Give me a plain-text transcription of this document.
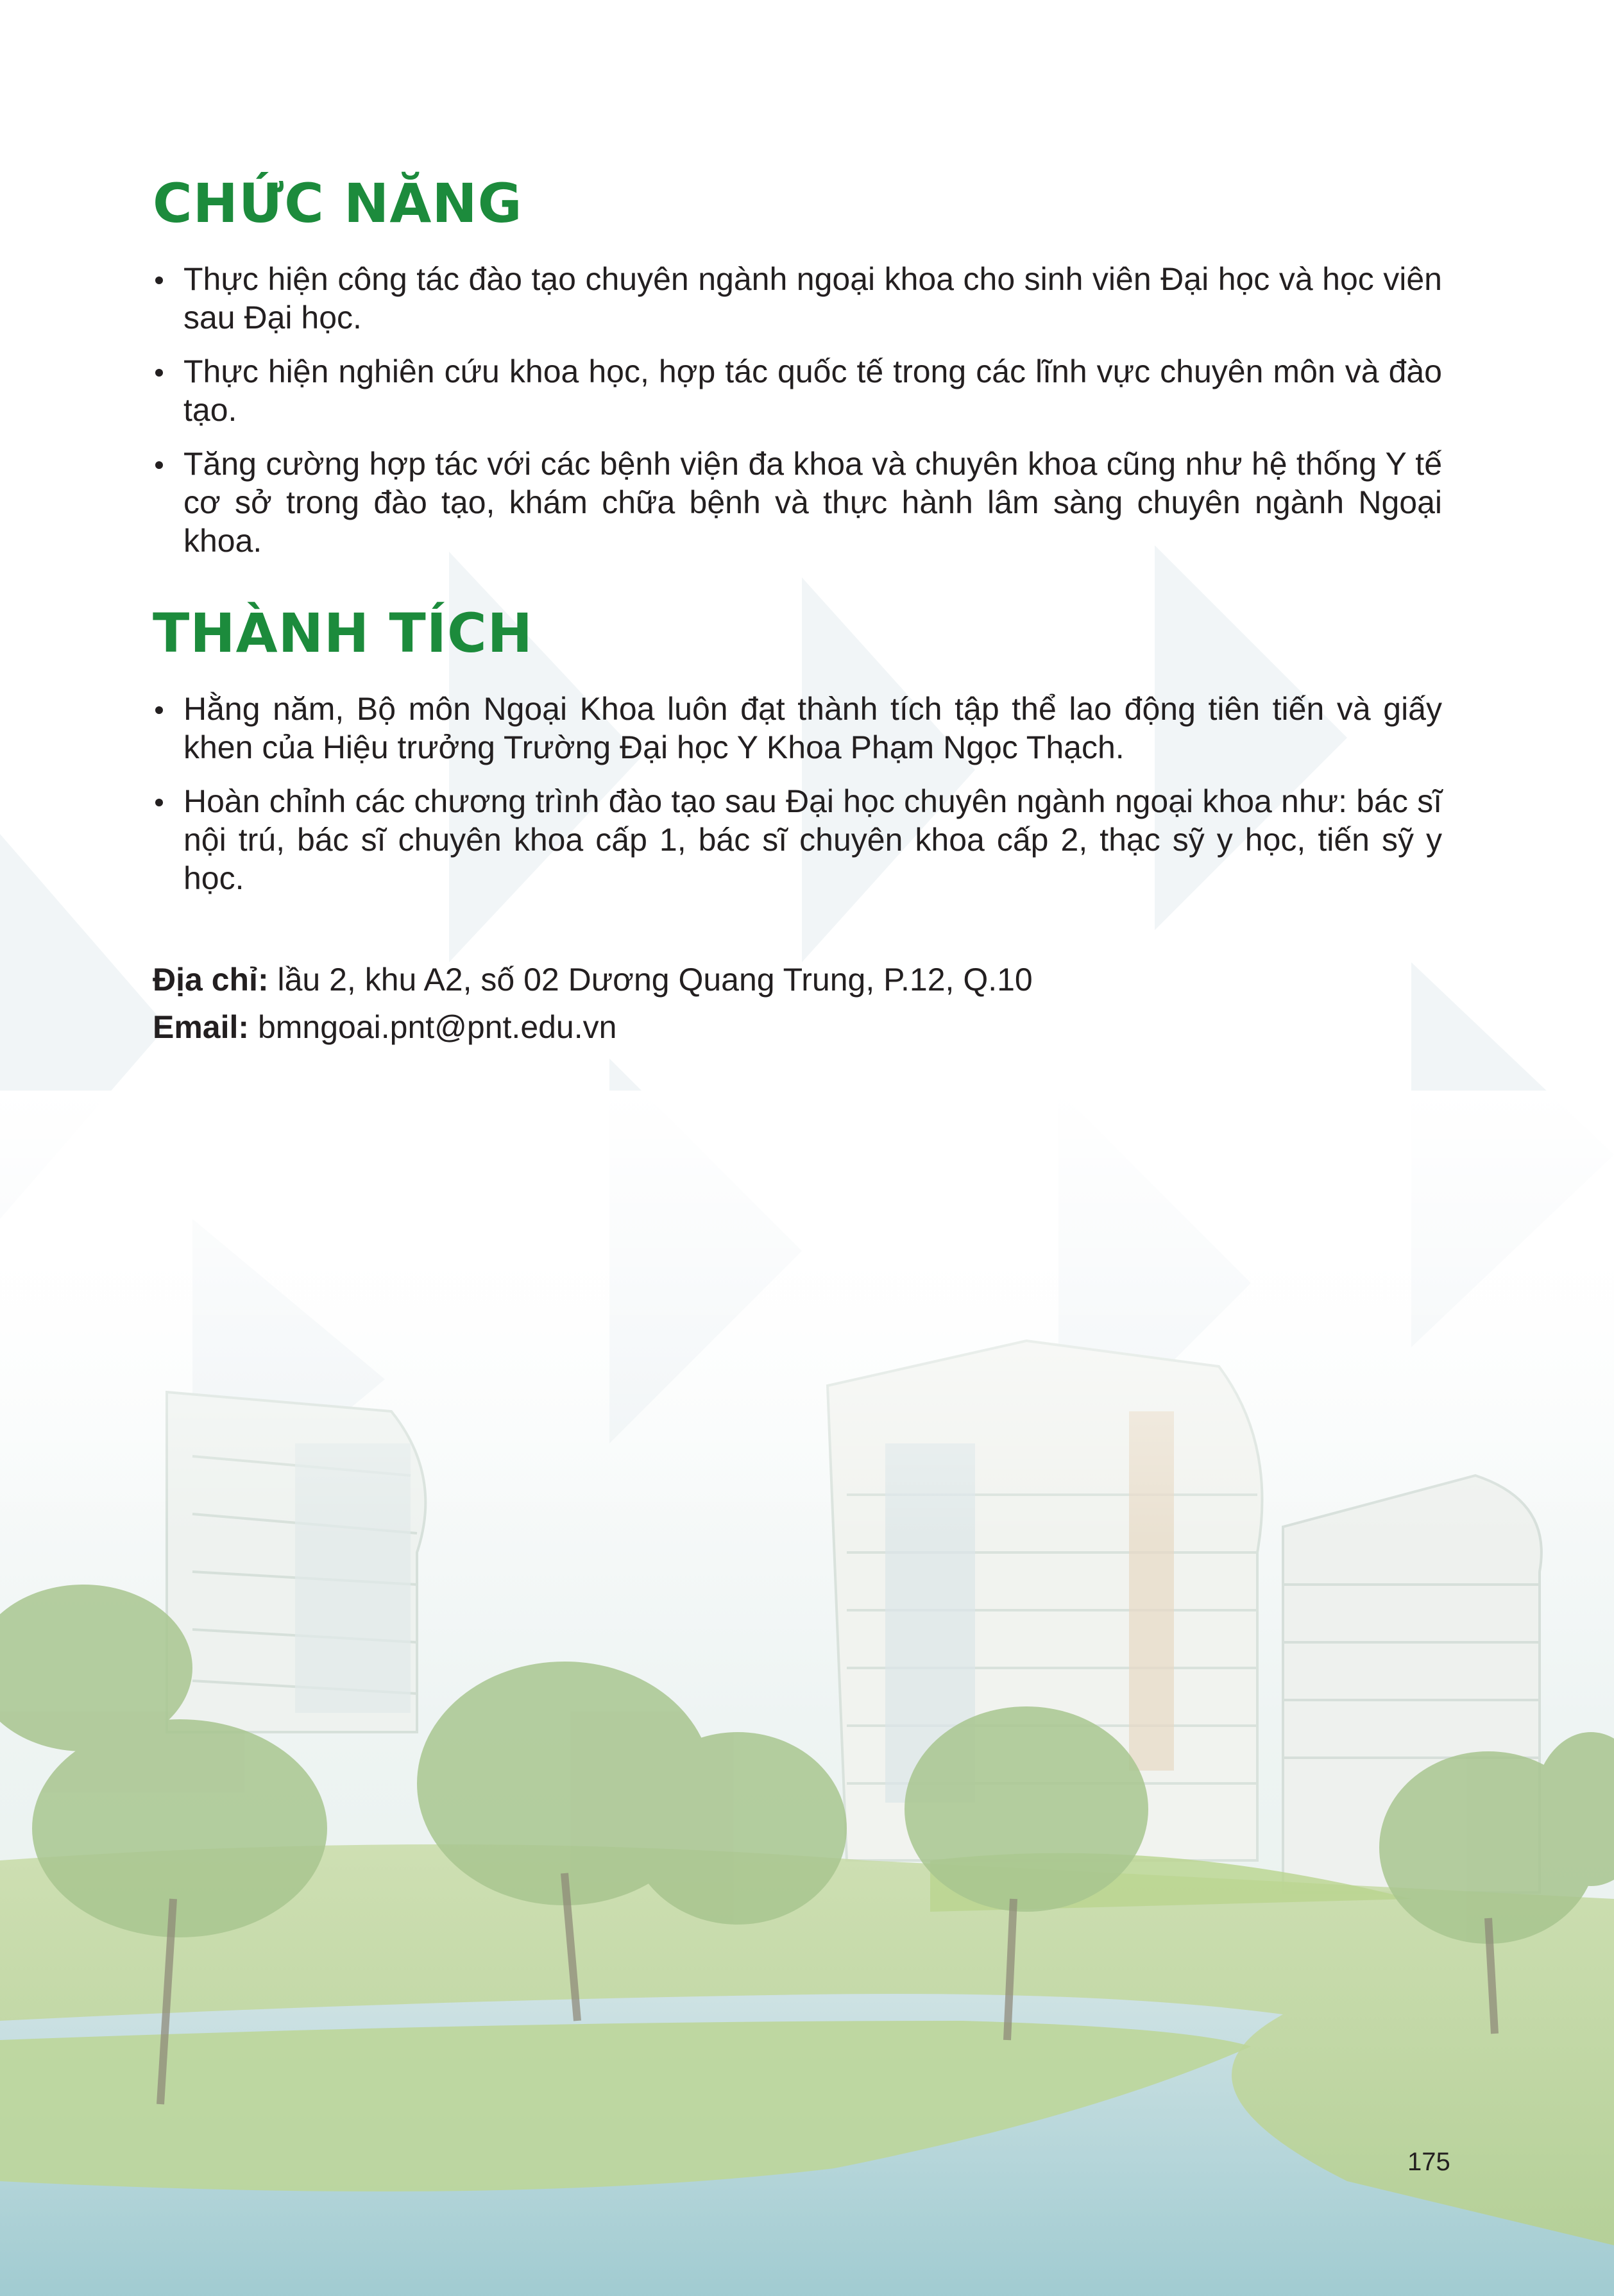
CHỨC NĂNG
Thực hiện công tác đào tạo chuyên ngành ngoại khoa cho sinh viên Đại học và học viên sau Đại học.
Thực hiện nghiên cứu khoa học, hợp tác quốc tế trong các lĩnh vực chuyên môn và đào tạo.
Tăng cường hợp tác với các bệnh viện đa khoa và chuyên khoa cũng như hệ thống Y tế cơ sở trong đào tạo, khám chữa bệnh và thực hành lâm sàng chuyên ngành Ngoại khoa.
THÀNH TÍCH
Hằng năm, Bộ môn Ngoại Khoa luôn đạt thành tích tập thể lao động tiên tiến và giấy khen của Hiệu trưởng Trường Đại học Y Khoa Phạm Ngọc Thạch.
Hoàn chỉnh các chương trình đào tạo sau Đại học chuyên ngành ngoại khoa như: bác sĩ nội trú, bác sĩ chuyên khoa cấp 1, bác sĩ chuyên khoa cấp 2, thạc sỹ y học, tiến sỹ y học.
Địa chỉ: lầu 2, khu A2, số 02 Dương Quang Trung, P.12, Q.10
Email: bmngoai.pnt@pnt.edu.vn
175
